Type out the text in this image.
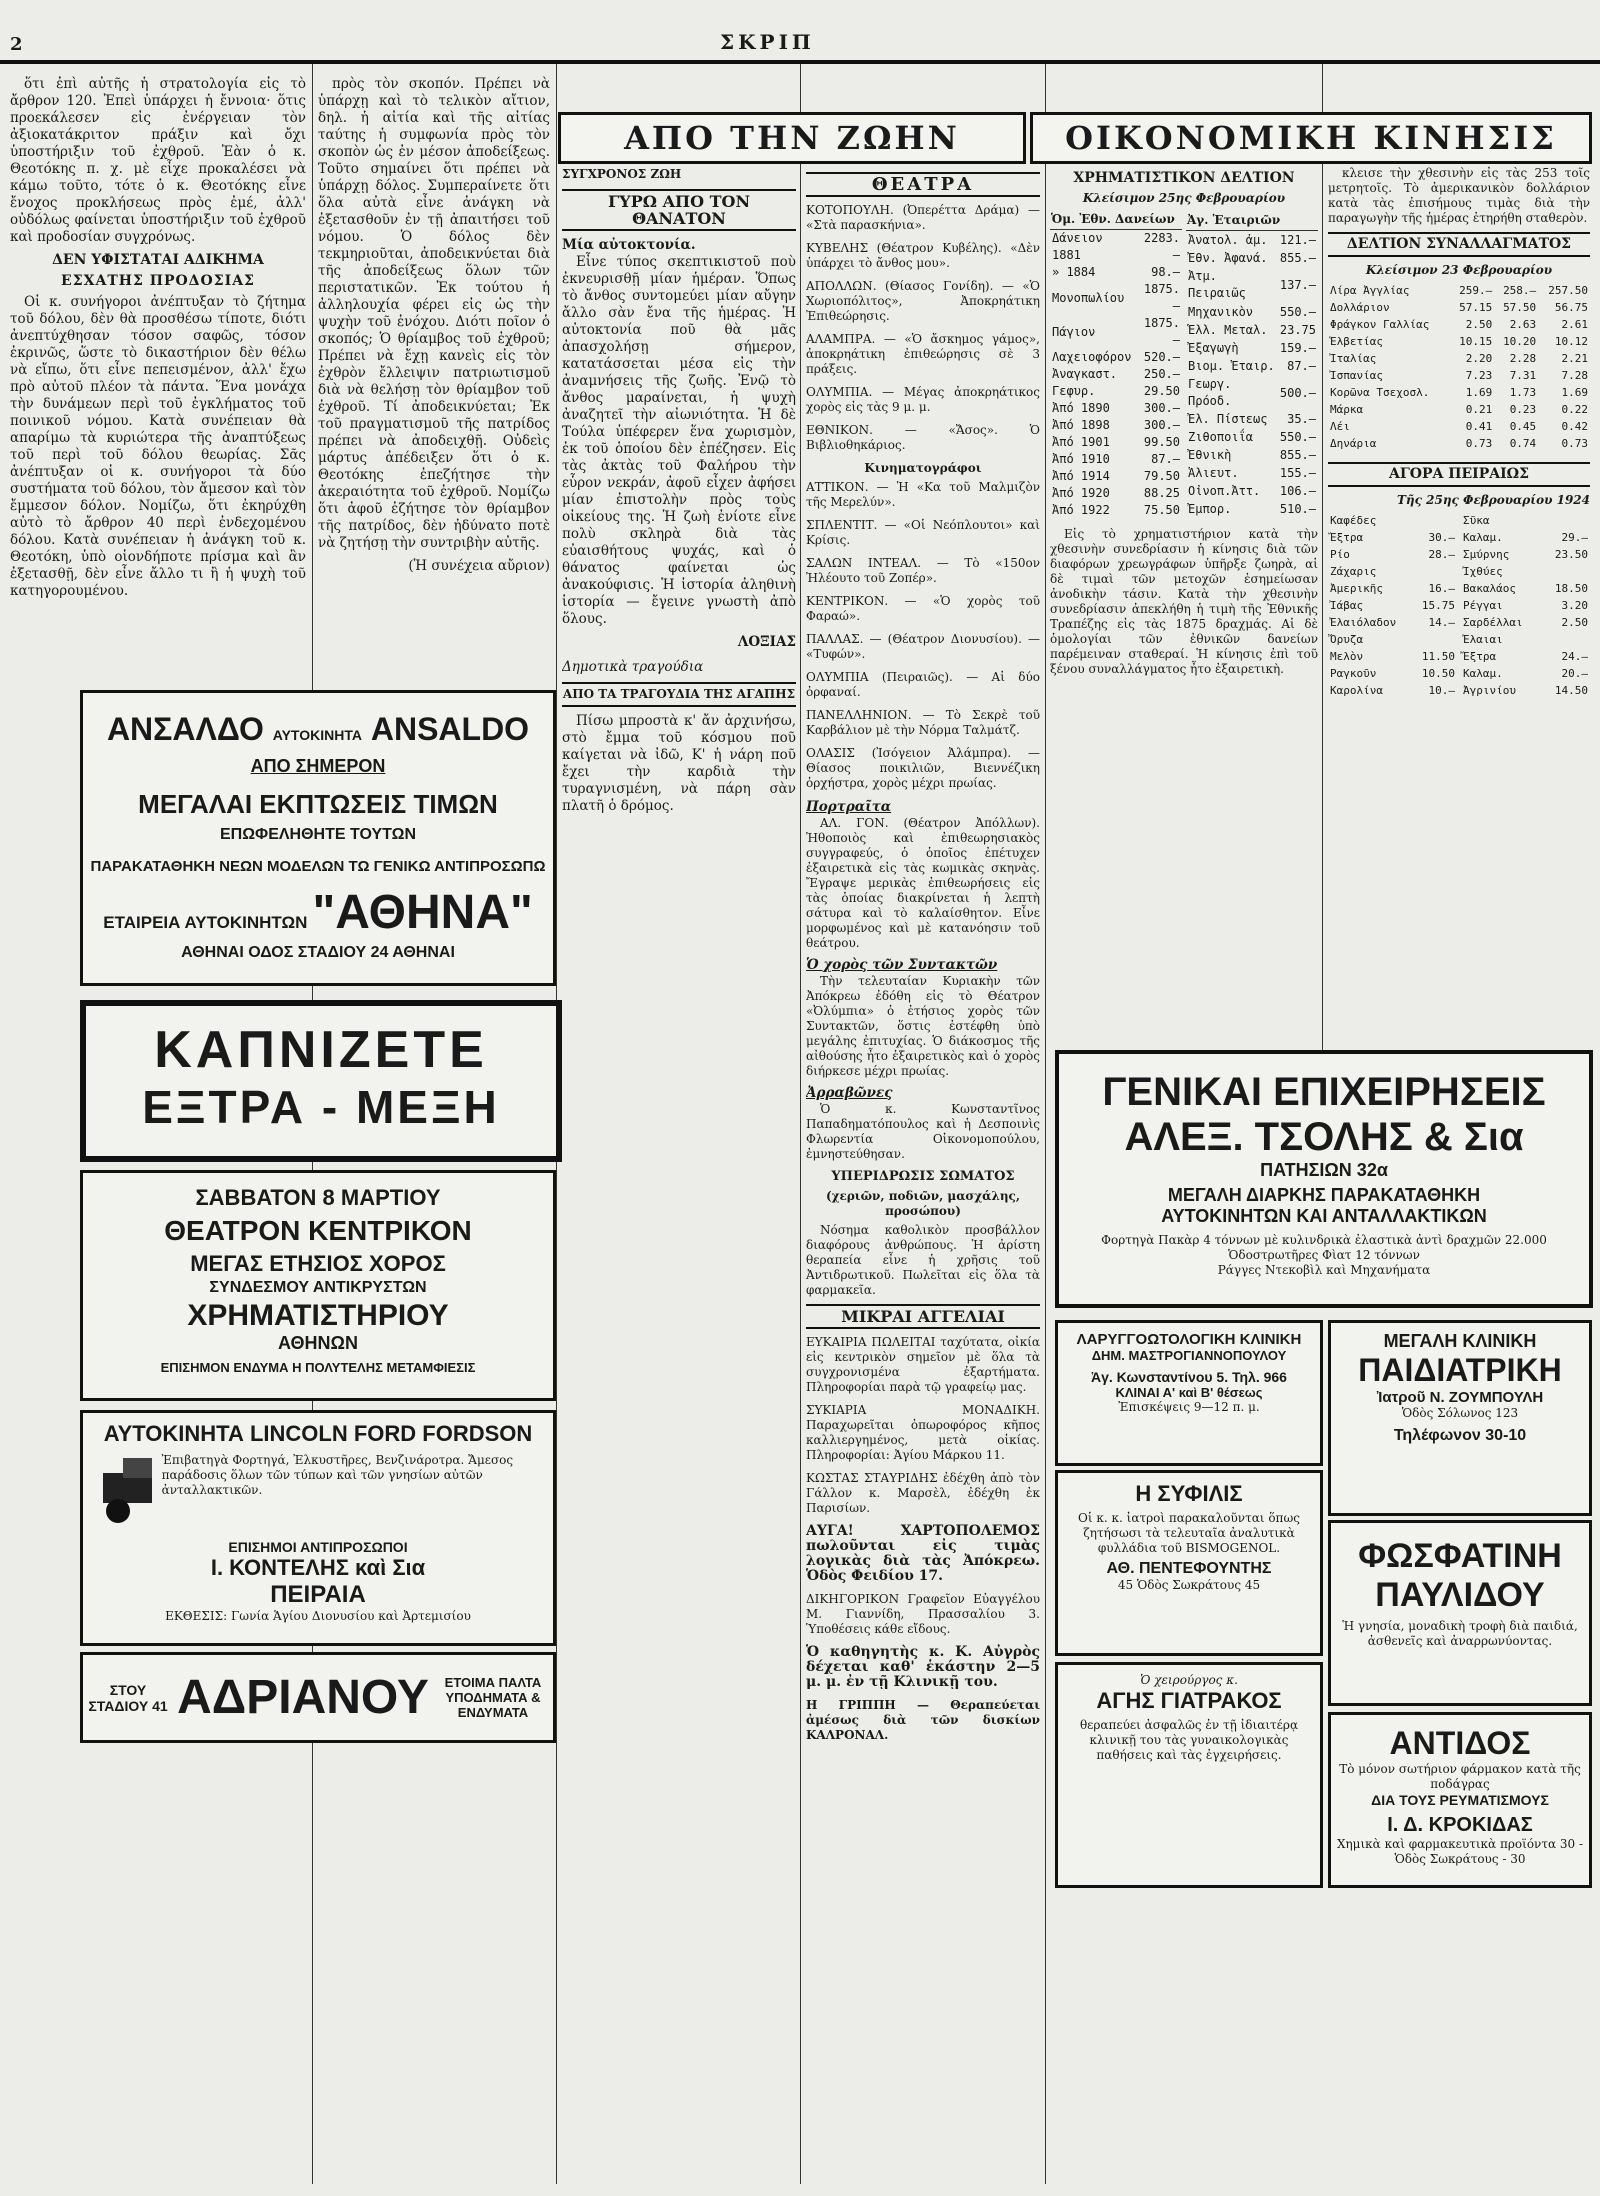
2	ΣΚΡΙΠ
ΑΠΟ ΤΗΝ ΖΩΗΝ	ΟΙΚΟΝΟΜΙΚΗ ΚΙΝΗΣΙΣ

ὅτι ἐπὶ αὐτῆς ἡ στρατολογία εἰς τὸ ἄρθρον 120. Ἐπεὶ ὑπάρχει ἡ ἔννοια· ὅτις προεκάλεσεν εἰς ἐνέργειαν τὸν ἀξιοκατάκριτον πράξιν καὶ ὄχι ὑποστήριξιν τοῦ ἐχθροῦ. Ἐὰν ὁ κ. Θεοτόκης π. χ. μὲ εἶχε προκαλέσει νὰ κάμω τοῦτο, τότε ὁ κ. Θεοτόκης εἶνε ἔνοχος προκλήσεως πρὸς ἐμέ, ἀλλ' οὐδόλως φαίνεται ὑποστήριξιν τοῦ ἐχθροῦ καὶ προδοσίαν συγχρόνως.

ΔΕΝ ΥΦΙΣΤΑΤΑΙ ΑΔΙΚΗΜΑ
ΕΣΧΑΤΗΣ ΠΡΟΔΟΣΙΑΣ

Οἱ κ. συνήγοροι ἀνέπτυξαν τὸ ζήτημα τοῦ δόλου, δὲν θὰ προσθέσω τίποτε, διότι ἀνεπτύχθησαν τόσον σαφῶς, τόσον ἐκρινῶς, ὥστε τὸ δικαστήριον δὲν θέλω νὰ εἴπω, ὅτι εἶνε πεπεισμένον, ἀλλ' ἔχω πρὸ αὐτοῦ πλέον τὰ πάντα. Ἕνα μονάχα τὴν δυνάμεων περὶ τοῦ ἐγκλήματος τοῦ ποινικοῦ νόμου. Κατὰ συνέπειαν θὰ απαρίμω τὰ κυριώτερα τῆς ἀναπτύξεως τοῦ περὶ τοῦ δόλου θεωρίας. Σᾶς ἀνέπτυξαν οἱ κ. συνήγοροι τὰ δύο συστήματα τοῦ δόλου, τὸν ἄμεσον καὶ τὸν ἔμμεσον δόλον. Νομίζω, ὅτι ἐκηρύχθη αὐτὸ τὸ ἄρθρον 40 περὶ ἐνδεχομένου δόλου. Κατὰ συνέπειαν ἡ ἀνάγκη τοῦ κ. Θεοτόκη, ὑπὸ οἱονδήποτε πρίσμα καὶ ἂν ἐξετασθῇ, δὲν εἶνε ἄλλο τι ἢ ἡ ψυχὴ τοῦ κατηγορουμένου.

πρὸς τὸν σκοπόν. Πρέπει νὰ ὑπάρχῃ καὶ τὸ τελικὸν αἴτιον, δηλ. ἡ αἰτία καὶ τῆς αἰτίας ταύτης ἡ συμφωνία πρὸς τὸν σκοπὸν ὡς ἐν μέσον ἀποδείξεως. Τοῦτο σημαίνει ὅτι πρέπει νὰ ὑπάρχῃ δόλος. Συμπεραίνετε ὅτι ὅλα αὐτὰ εἶνε ἀνάγκη νὰ ἐξετασθοῦν ἐν τῇ ἀπαιτήσει τοῦ νόμου. Ὁ δόλος δὲν τεκμηριοῦται, ἀποδεικνύεται διὰ τῆς ἀποδείξεως ὅλων τῶν περιστατικῶν. Ἐκ τούτου ἡ ἀλληλουχία φέρει εἰς ὡς τὴν ψυχὴν τοῦ ἐνόχου. Διότι ποῖον ὁ σκοπός; Ὁ θρίαμβος τοῦ ἐχθροῦ; Πρέπει νὰ ἔχῃ κανεὶς εἰς τὸν ἐχθρὸν ἔλλειψιν πατριωτισμοῦ διὰ νὰ θελήσῃ τὸν θρίαμβον τοῦ ἐχθροῦ. Τί ἀποδεικνύεται; Ἐκ τοῦ πραγματισμοῦ τῆς πατρίδος πρέπει νὰ ἀποδειχθῇ. Οὐδεὶς μάρτυς ἀπέδειξεν ὅτι ὁ κ. Θεοτόκης ἐπεζήτησε τὴν ἀκεραιότητα τοῦ ἐχθροῦ. Νομίζω ὅτι ἀφοῦ ἐζήτησε τὸν θρίαμβον τῆς πατρίδος, δὲν ἠδύνατο ποτὲ νὰ ζητήσῃ τὴν συντριβὴν αὐτῆς.

(Ἡ συνέχεια αὔριον)

ΑΝΣΑΛΔΟ ΑΥΤΟΚΙΝΗΤΑ ANSALDO
ΑΠΟ ΣΗΜΕΡΟΝ
ΜΕΓΑΛΑΙ ΕΚΠΤΩΣΕΙΣ ΤΙΜΩΝ
ΕΠΩΦΕΛΗΘΗΤΕ ΤΟΥΤΩΝ
ΠΑΡΑΚΑΤΑΘΗΚΗ ΝΕΩΝ ΜΟΔΕΛΩΝ ΤΩ ΓΕΝΙΚΩ ΑΝΤΙΠΡΟΣΩΠΩ
ΕΤΑΙΡΕΙΑ ΑΥΤΟΚΙΝΗΤΩΝ "ΑΘΗΝΑ"
ΑΘΗΝΑΙ ΟΔΟΣ ΣΤΑΔΙΟΥ 24 ΑΘΗΝΑΙ
ΚΑΠΝΙΖΕΤΕ
ΕΞΤΡΑ - ΜΕΞΗ
ΣΑΒΒΑΤΟΝ 8 ΜΑΡΤΙΟΥ
ΘΕΑΤΡΟΝ ΚΕΝΤΡΙΚΟΝ
ΜΕΓΑΣ ΕΤΗΣΙΟΣ ΧΟΡΟΣ
ΣΥΝΔΕΣΜΟΥ ΑΝΤΙΚΡΥΣΤΩΝ
ΧΡΗΜΑΤΙΣΤΗΡΙΟΥ
ΑΘΗΝΩΝ
ΕΠΙΣΗΜΟΝ ΕΝΔΥΜΑ Η ΠΟΛΥΤΕΛΗΣ ΜΕΤΑΜΦΙΕΣΙΣ
ΑΥΤΟΚΙΝΗΤΑ LINCOLN FORD FORDSON
Ἐπιβατηγὰ Φορτηγά, Ἐλκυστῆρες, Βενζινάροτρα. Ἄμεσος παράδοσις ὅλων τῶν τύπων καὶ τῶν γνησίων αὐτῶν ἀνταλλακτικῶν.
ΕΠΙΣΗΜΟΙ ΑΝΤΙΠΡΟΣΩΠΟΙ
Ι. ΚΟΝΤΕΛΗΣ καὶ Σια
ΠΕΙΡΑΙΑ
ΕΚΘΕΣΙΣ: Γωνία Ἁγίου Διονυσίου καὶ Ἀρτεμισίου
ΣΤΟΥ ΣΤΑΔΙΟΥ 41 ΑΔΡΙΑΝΟΥ	ΕΤΟΙΜΑ ΠΑΛΤΑ ΥΠΟΔΗΜΑΤΑ & ΕΝΔΥΜΑΤΑ
ΣΥΓΧΡΟΝΟΣ ΖΩΗ
ΓΥΡΩ ΑΠΟ ΤΟΝ ΘΑΝΑΤΟΝ
Μία αὐτοκτονία.

Εἶνε τύπος σκεπτικιστοῦ ποὺ ἐκνευρισθῇ μίαν ἡμέραν. Ὅπως τὸ ἄνθος συντομεύει μίαν αὔγην ἄλλο σὰν ἔνα τῆς ἡμέρας. Ἡ αὐτοκτονία ποῦ θὰ μᾶς ἀπασχολήσῃ σήμερον, κατατάσσεται μέσα εἰς τὴν ἀναμνήσεις τῆς ζωῆς. Ἐνῷ τὸ ἄνθος μαραίνεται, ἡ ψυχὴ ἀναζητεῖ τὴν αἰωνιότητα. Ἡ δὲ Τούλα ὑπέφερεν ἕνα χωρισμὸν, ἐκ τοῦ ὁποίου δὲν ἐπέζησεν. Εἰς τὰς ἀκτὰς τοῦ Φαλήρου τὴν εὗρον νεκράν, ἀφοῦ εἶχεν ἀφήσει μίαν ἐπιστολὴν πρὸς τοὺς οἰκείους της. Ἡ ζωὴ ἐνίοτε εἶνε πολὺ σκληρὰ διὰ τὰς εὐαισθήτους ψυχάς, καὶ ὁ θάνατος φαίνεται ὡς ἀνακούφισις. Ἡ ἱστορία ἀληθινὴ ἱστορία — ἔγεινε γνωστὴ ἀπὸ ὅλους.

ΛΟΞΙΑΣ

Δημοτικὰ τραγούδια
ΑΠΟ ΤΑ ΤΡΑΓΟΥΔΙΑ ΤΗΣ ΑΓΑΠΗΣ

Πίσω μπροστὰ κ' ἄν ἀρχινήσω, στὸ ἔμμα τοῦ κόσμου ποῦ καίγεται νὰ ἰδῶ, Κ' ἡ νάρη ποῦ ἔχει τὴν καρδιὰ τὴν τυραγνισμένη, νὰ πάρη σὰν πλατῆ ὁ δρόμος.

ΘΕΑΤΡΑ
ΚΟΤΟΠΟΥΛΗ. (Ὀπερέττα Δράμα) — «Στὰ παρασκήνια».
ΚΥΒΕΛΗΣ (Θέατρον Κυβέλης). «Δὲν ὑπάρχει τὸ ἄνθος μου».
ΑΠΟΛΛΩΝ. (Θίασος Γονίδη). — «Ὁ Χωριοπόλιτος», Ἀποκρηάτικη Ἐπιθεώρησις.
ΑΛΑΜΠΡΑ. — «Ὁ ἄσκημος γάμος», ἀποκρηάτικη ἐπιθεώρησις σὲ 3 πράξεις.
ΟΛΥΜΠΙΑ. — Μέγας ἀποκρηάτικος χορὸς εἰς τὰς 9 μ. μ.
ΕΘΝΙΚΟΝ. — «Ἄσος». Ὁ Βιβλιοθηκάριος.
Κινηματογράφοι
ΑΤΤΙΚΟΝ. — Ἡ «Κα τοῦ Μαλμιζὸν τῆς Μερελύν».
ΣΠΛΕΝΤΙΤ. — «Οἱ Νεόπλουτοι» καὶ Κρίσις.
ΣΑΛΩΝ ΙΝΤΕΑΛ. — Τὸ «150ον Ἠλέουτο τοῦ Ζοπέρ».
ΚΕΝΤΡΙΚΟΝ. — «Ὁ χορὸς τοῦ Φαραώ».
ΠΑΛΛΑΣ. — (Θέατρον Διονυσίου). — «Τυφών».
ΟΛΥΜΠΙΑ (Πειραιῶς). — Αἱ δύο ὀρφαναί.
ΠΑΝΕΛΛΗΝΙΟΝ. — Τὸ Σεκρὲ τοῦ Καρβάλιον μὲ τὴν Νόρμα Ταλμάτζ.
ΟΛΑΣΙΣ (Ἰσόγειον Ἀλάμπρα). — Θίασος ποικιλιῶν, Βιεννέζικη ὀρχήστρα, χορὸς μέχρι πρωίας.
Πορτραῖτα

ΑΛ. ΓΟΝ. (Θέατρον Ἀπόλλων). Ἠθοποιὸς καὶ ἐπιθεωρησιακὸς συγγραφεύς, ὁ ὁποῖος ἐπέτυχεν ἐξαιρετικὰ εἰς τὰς κωμικὰς σκηνὰς. Ἔγραψε μερικὰς ἐπιθεωρήσεις εἰς τὰς ὁποίας διακρίνεται ἡ λεπτὴ σάτυρα καὶ τὸ καλαίσθητον. Εἶνε μορφωμένος καὶ μὲ κατανόησιν τοῦ θεάτρου.

Ὁ χορὸς τῶν Συντακτῶν

Τὴν τελευταίαν Κυριακὴν τῶν Ἀπόκρεω ἐδόθη εἰς τὸ Θέατρον «Ὀλύμπια» ὁ ἐτήσιος χορὸς τῶν Συντακτῶν, ὅστις ἐστέφθη ὑπὸ μεγάλης ἐπιτυχίας. Ὁ διάκοσμος τῆς αἰθούσης ἦτο ἐξαιρετικὸς καὶ ὁ χορὸς διήρκεσε μέχρι πρωίας.

Ἀρραβῶνες

Ὁ κ. Κωνσταντῖνος Παπαδηματόπουλος καὶ ἡ Δεσποινὶς Φλωρεντία Οἰκονομοπούλου, ἐμνηστεύθησαν.

ΥΠΕΡΙΔΡΩΣΙΣ ΣΩΜΑΤΟΣ
(χεριῶν, ποδιῶν, μασχάλης, προσώπου)

Νόσημα καθολικὸν προσβάλλον διαφόρους ἀνθρώπους. Ἡ ἀρίστη θεραπεία εἶνε ἡ χρῆσις τοῦ Ἀντιδρωτικοῦ. Πωλεῖται εἰς ὅλα τὰ φαρμακεῖα.

ΜΙΚΡΑΙ ΑΓΓΕΛΙΑΙ
ΕΥΚΑΙΡΙΑ ΠΩΛΕΙΤΑΙ ταχύτατα, οἰκία εἰς κεντρικὸν σημεῖον μὲ ὅλα τὰ συγχρονισμένα ἐξαρτήματα. Πληροφορίαι παρὰ τῷ γραφείῳ μας.
ΣΥΚΙΑΡΙΑ ΜΟΝΑΔΙΚΗ. Παραχωρεῖται ὀπωροφόρος κῆπος καλλιεργημένος, μετὰ οἰκίας. Πληροφορίαι: Ἀγίου Μάρκου 11.
ΚΩΣΤΑΣ ΣΤΑΥΡΙΔΗΣ ἐδέχθη ἀπὸ τὸν Γάλλον κ. Μαρσὲλ, ἐδέχθη ἐκ Παρισίων.
ΑΥΓΑ! ΧΑΡΤΟΠΟΛΕΜΟΣ πωλοῦνται εἰς τιμὰς λογικὰς διὰ τὰς Ἀπόκρεω. Ὁδὸς Φειδίου 17.
ΔΙΚΗΓΟΡΙΚΟΝ Γραφεῖον Εὐαγγέλου Μ. Γιαννίδη, Πρασσαλίου 3. Ὑποθέσεις κάθε εἴδους.
Ὁ καθηγητὴς κ. Κ. Αὐγρὸς δέχεται καθ' ἑκάστην 2—5 μ. μ. ἐν τῇ Κλινικῇ του.
Η ΓΡΙΠΠΗ — Θεραπεύεται ἀμέσως διὰ τῶν δισκίων ΚΑΛΡΟΝΑΛ.
ΧΡΗΜΑΤΙΣΤΙΚΟΝ ΔΕΛΤΙΟΝ
Κλείσιμον 25ης Φεβρουαρίου
Ὁμ. Ἐθν. Δανείων	
Δάνειον 1881	2283.—
» 1884	98.—
Μονοπωλίου	1875.—
Πάγιον	1875.—
Λαχειοφόρον	520.—
Ἀναγκαστ.	250.—
Γεφυρ.	29.50
Ἀπό 1890	300.—
Ἀπό 1898	300.—
Ἀπό 1901	99.50
Ἀπό 1910	87.—
Ἀπό 1914	79.50
Ἀπό 1920	88.25
Ἀπό 1922	75.50
Ἀγ. Ἑταιριῶν	
Ἀνατολ. ἀμ.	121.—
Ἐθν. Ἀφανά.	855.—
Ἀτμ. Πειραιῶς	137.—
Μηχανικὸν	550.—
Ἑλλ. Μεταλ.	23.75
Ἐξαγωγὴ	159.—
Βιομ. Ἑταιρ.	87.—
Γεωργ. Πρόοδ.	500.—
Ἐλ. Πίστεως	35.—
Ζιθοποιΐα	550.—
Ἐθνικὴ	855.—
Ἁλιευτ.	155.—
Οἰνοπ.Ἀττ.	106.—
Ἐμπορ.	510.—

Εἰς τὸ χρηματιστήριον κατὰ τὴν χθεσινὴν συνεδρίασιν ἡ κίνησις διὰ τῶν διαφόρων χρεωγράφων ὑπῆρξε ζωηρὰ, αἱ δὲ τιμαὶ τῶν μετοχῶν ἐσημείωσαν ἀνοδικὴν τάσιν. Κατὰ τὴν χθεσινὴν συνεδρίασιν ἀπεκλήθη ἡ τιμὴ τῆς Ἐθνικῆς Τραπέζης εἰς τὰς 1875 δραχμάς. Αἱ δὲ ὁμολογίαι τῶν ἐθνικῶν δανείων παρέμειναν σταθεραί. Ἡ κίνησις ἐπὶ τοῦ ξένου συναλλάγματος ἦτο ἐξαιρετικὴ.

κλεισε τὴν χθεσινὴν εἰς τὰς 253 τοῖς μετρητοῖς. Τὸ ἀμερικανικὸν δολλάριον κατὰ τὰς ἐπισήμους τιμὰς διὰ τὴν παραγωγὴν τῆς ἡμέρας ἐτηρήθη σταθερὸν.

ΔΕΛΤΙΟΝ ΣΥΝΑΛΛΑΓΜΑΤΟΣ
Κλείσιμον 23 Φεβρουαρίου
Λίρα Ἀγγλίας	259.—	258.—	257.50
Δολλάριον	57.15	57.50	56.75
Φράγκον Γαλλίας	2.50	2.63	2.61
Ἑλβετίας	10.15	10.20	10.12
Ἰταλίας	2.20	2.28	2.21
Ἰσπανίας	7.23	7.31	7.28
Κορῶνα Τσεχοσλ.	1.69	1.73	1.69
Μάρκα	0.21	0.23	0.22
Λέι	0.41	0.45	0.42
Δηνάρια	0.73	0.74	0.73
ΑΓΟΡΑ ΠΕΙΡΑΙΩΣ
Τῆς 25ης Φεβρουαρίου 1924
Καφέδες	
Ἔξτρα	30.—
Ρίο	28.—
Ζάχαρις	
Ἀμερικῆς	16.—
Ἰάβας	15.75
Ἐλαιόλαδον	14.—
Ὄρυζα	
Μελὸν	11.50
Ραγκοῦν	10.50
Καρολίνα	10.—
Σῦκα	
Καλαμ.	29.—
Σμύρνης	23.50
Ἰχθύες	
Βακαλάος	18.50
Ρέγγαι	3.20
Σαρδέλλαι	2.50
Ἐλαιαι	
Ἔξτρα	24.—
Καλαμ.	20.—
Ἀγρινίου	14.50
ΓΕΝΙΚΑΙ ΕΠΙΧΕΙΡΗΣΕΙΣ
ΑΛΕΞ. ΤΣΟΛΗΣ & Σια
ΠΑΤΗΣΙΩΝ 32α
ΜΕΓΑΛΗ ΔΙΑΡΚΗΣ ΠΑΡΑΚΑΤΑΘΗΚΗ
ΑΥΤΟΚΙΝΗΤΩΝ ΚΑΙ ΑΝΤΑΛΛΑΚΤΙΚΩΝ
Φορτηγὰ Πακὰρ 4 τόννων μὲ κυλινδρικὰ ἐλαστικὰ ἀντὶ δραχμῶν 22.000
Ὁδοστρωτῆρες Φὶατ 12 τόννων
Ράγγες Ντεκοβὶλ καὶ Μηχανήματα
ΛΑΡΥΓΓΟΩΤΟΛΟΓΙΚΗ ΚΛΙΝΙΚΗ
ΔΗΜ. ΜΑΣΤΡΟΓΙΑΝΝΟΠΟΥΛΟΥ
Ἁγ. Κωνσταντίνου 5. Τηλ. 966
ΚΛΙΝΑΙ Α' καὶ Β' θέσεως
Ἐπισκέψεις 9—12 π. μ.
Η ΣΥΦΙΛΙΣ
Οἱ κ. κ. ἰατροὶ παρακαλοῦνται ὅπως ζητήσωσι τὰ τελευταῖα ἀναλυτικὰ φυλλάδια τοῦ BISMOGENOL.
ΑΘ. ΠΕΝΤΕΦΟΥΝΤΗΣ
45 Ὁδὸς Σωκράτους 45
Ὁ χειρούργος κ.
ΑΓΗΣ ΓΙΑΤΡΑΚΟΣ
θεραπεύει ἀσφαλῶς ἐν τῇ ἰδιαιτέρᾳ κλινικῇ του τὰς γυναικολογικὰς παθήσεις καὶ τὰς ἐγχειρήσεις.
ΜΕΓΑΛΗ ΚΛΙΝΙΚΗ
ΠΑΙΔΙΑΤΡΙΚΗ
Ἰατροῦ Ν. ΖΟΥΜΠΟΥΛΗ
Ὁδὸς Σόλωνος 123
Τηλέφωνον 30-10
ΦΩΣΦΑΤΙΝΗ
ΠΑΥΛΙΔΟΥ
Ἡ γνησία, μοναδικὴ τροφὴ διὰ παιδιά, ἀσθενεῖς καὶ ἀναρρωνύοντας.
ΑΝΤΙΔΟΣ
Τὸ μόνον σωτήριον φάρμακον κατὰ τῆς ποδάγρας
ΔΙΑ ΤΟΥΣ ΡΕΥΜΑΤΙΣΜΟΥΣ
Ι. Δ. ΚΡΟΚΙΔΑΣ
Χημικὰ καὶ φαρμακευτικὰ προϊόντα 30 - Ὁδὸς Σωκράτους - 30
